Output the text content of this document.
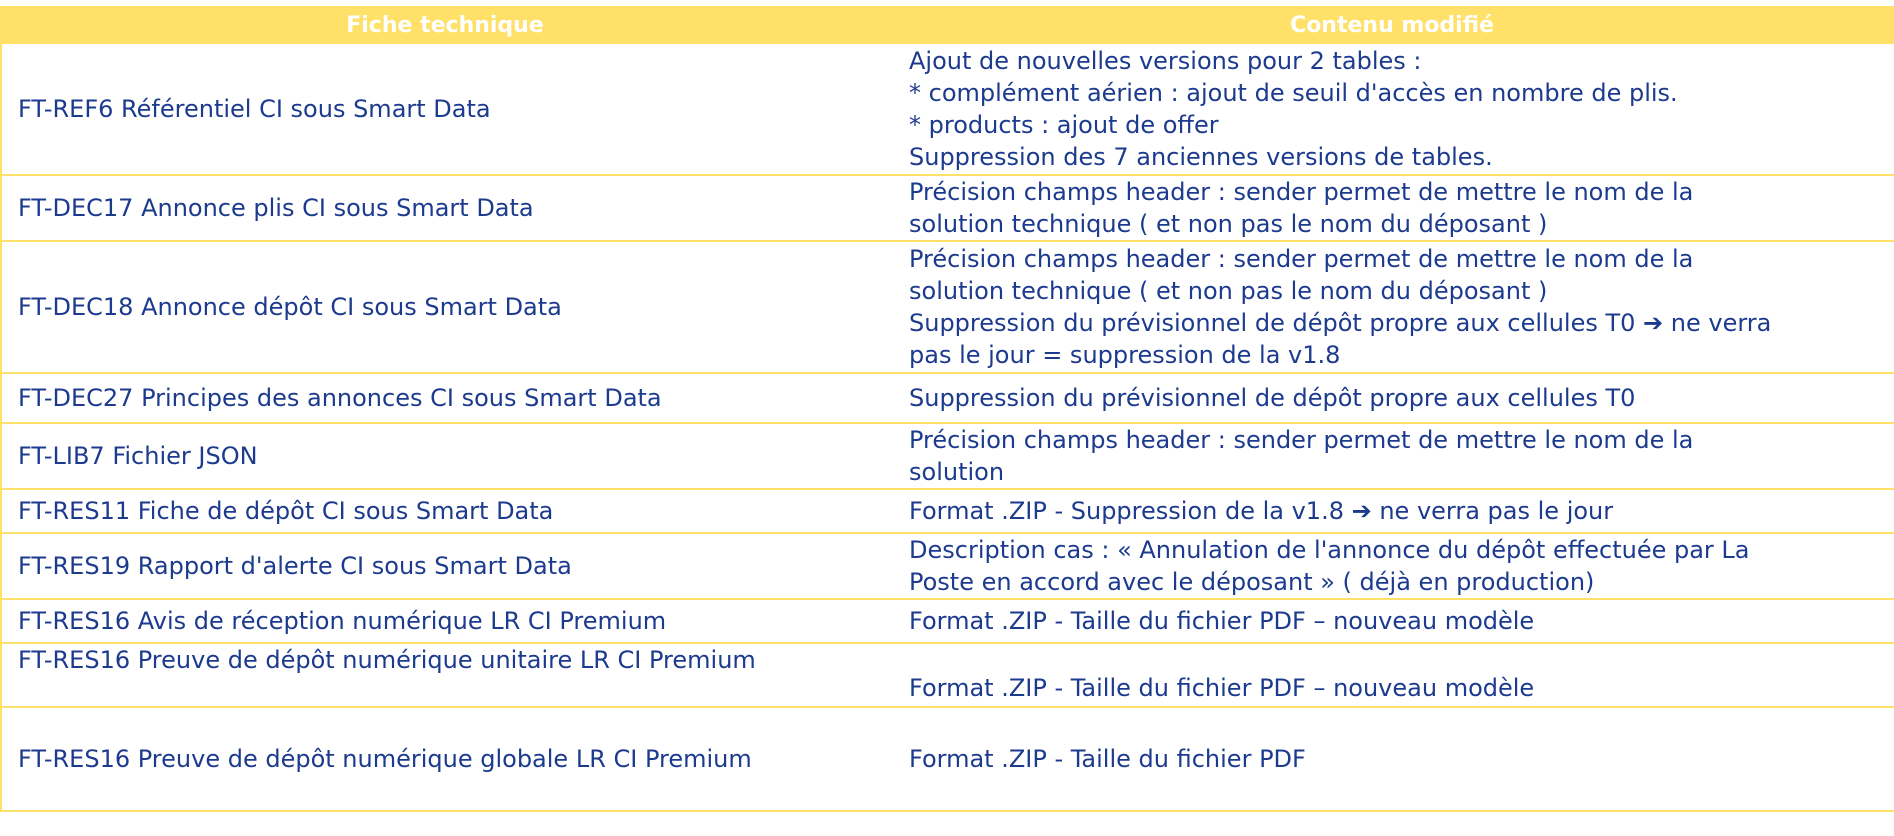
Fiche technique	Contenu modifié
FT-REF6 Référentiel CI sous Smart Data	Ajout de nouvelles versions pour 2 tables :
* complément aérien : ajout de seuil d'accès en nombre de plis.
* products : ajout de offer
Suppression des 7 anciennes versions de tables.

FT-DEC17 Annonce plis CI sous Smart Data	Précision champs header : sender permet de mettre le nom de la
solution technique ( et non pas le nom du déposant )

FT-DEC18 Annonce dépôt CI sous Smart Data	Précision champs header : sender permet de mettre le nom de la
solution technique ( et non pas le nom du déposant )
Suppression du prévisionnel de dépôt propre aux cellules T0 ➔ ne verra
pas le jour = suppression de la v1.8

FT-DEC27 Principes des annonces CI sous Smart Data	Suppression du prévisionnel de dépôt propre aux cellules T0

FT-LIB7 Fichier JSON	Précision champs header : sender permet de mettre le nom de la
solution

FT-RES11 Fiche de dépôt CI sous Smart Data	Format .ZIP - Suppression de la v1.8 ➔ ne verra pas le jour

FT-RES19 Rapport d'alerte CI sous Smart Data	Description cas : « Annulation de l'annonce du dépôt effectuée par La
Poste en accord avec le déposant » ( déjà en production)

FT-RES16 Avis de réception numérique LR CI Premium	Format .ZIP - Taille du fichier PDF – nouveau modèle

FT-RES16 Preuve de dépôt numérique unitaire LR CI Premium	Format .ZIP - Taille du fichier PDF – nouveau modèle

FT-RES16 Preuve de dépôt numérique globale LR CI Premium	Format .ZIP - Taille du fichier PDF
